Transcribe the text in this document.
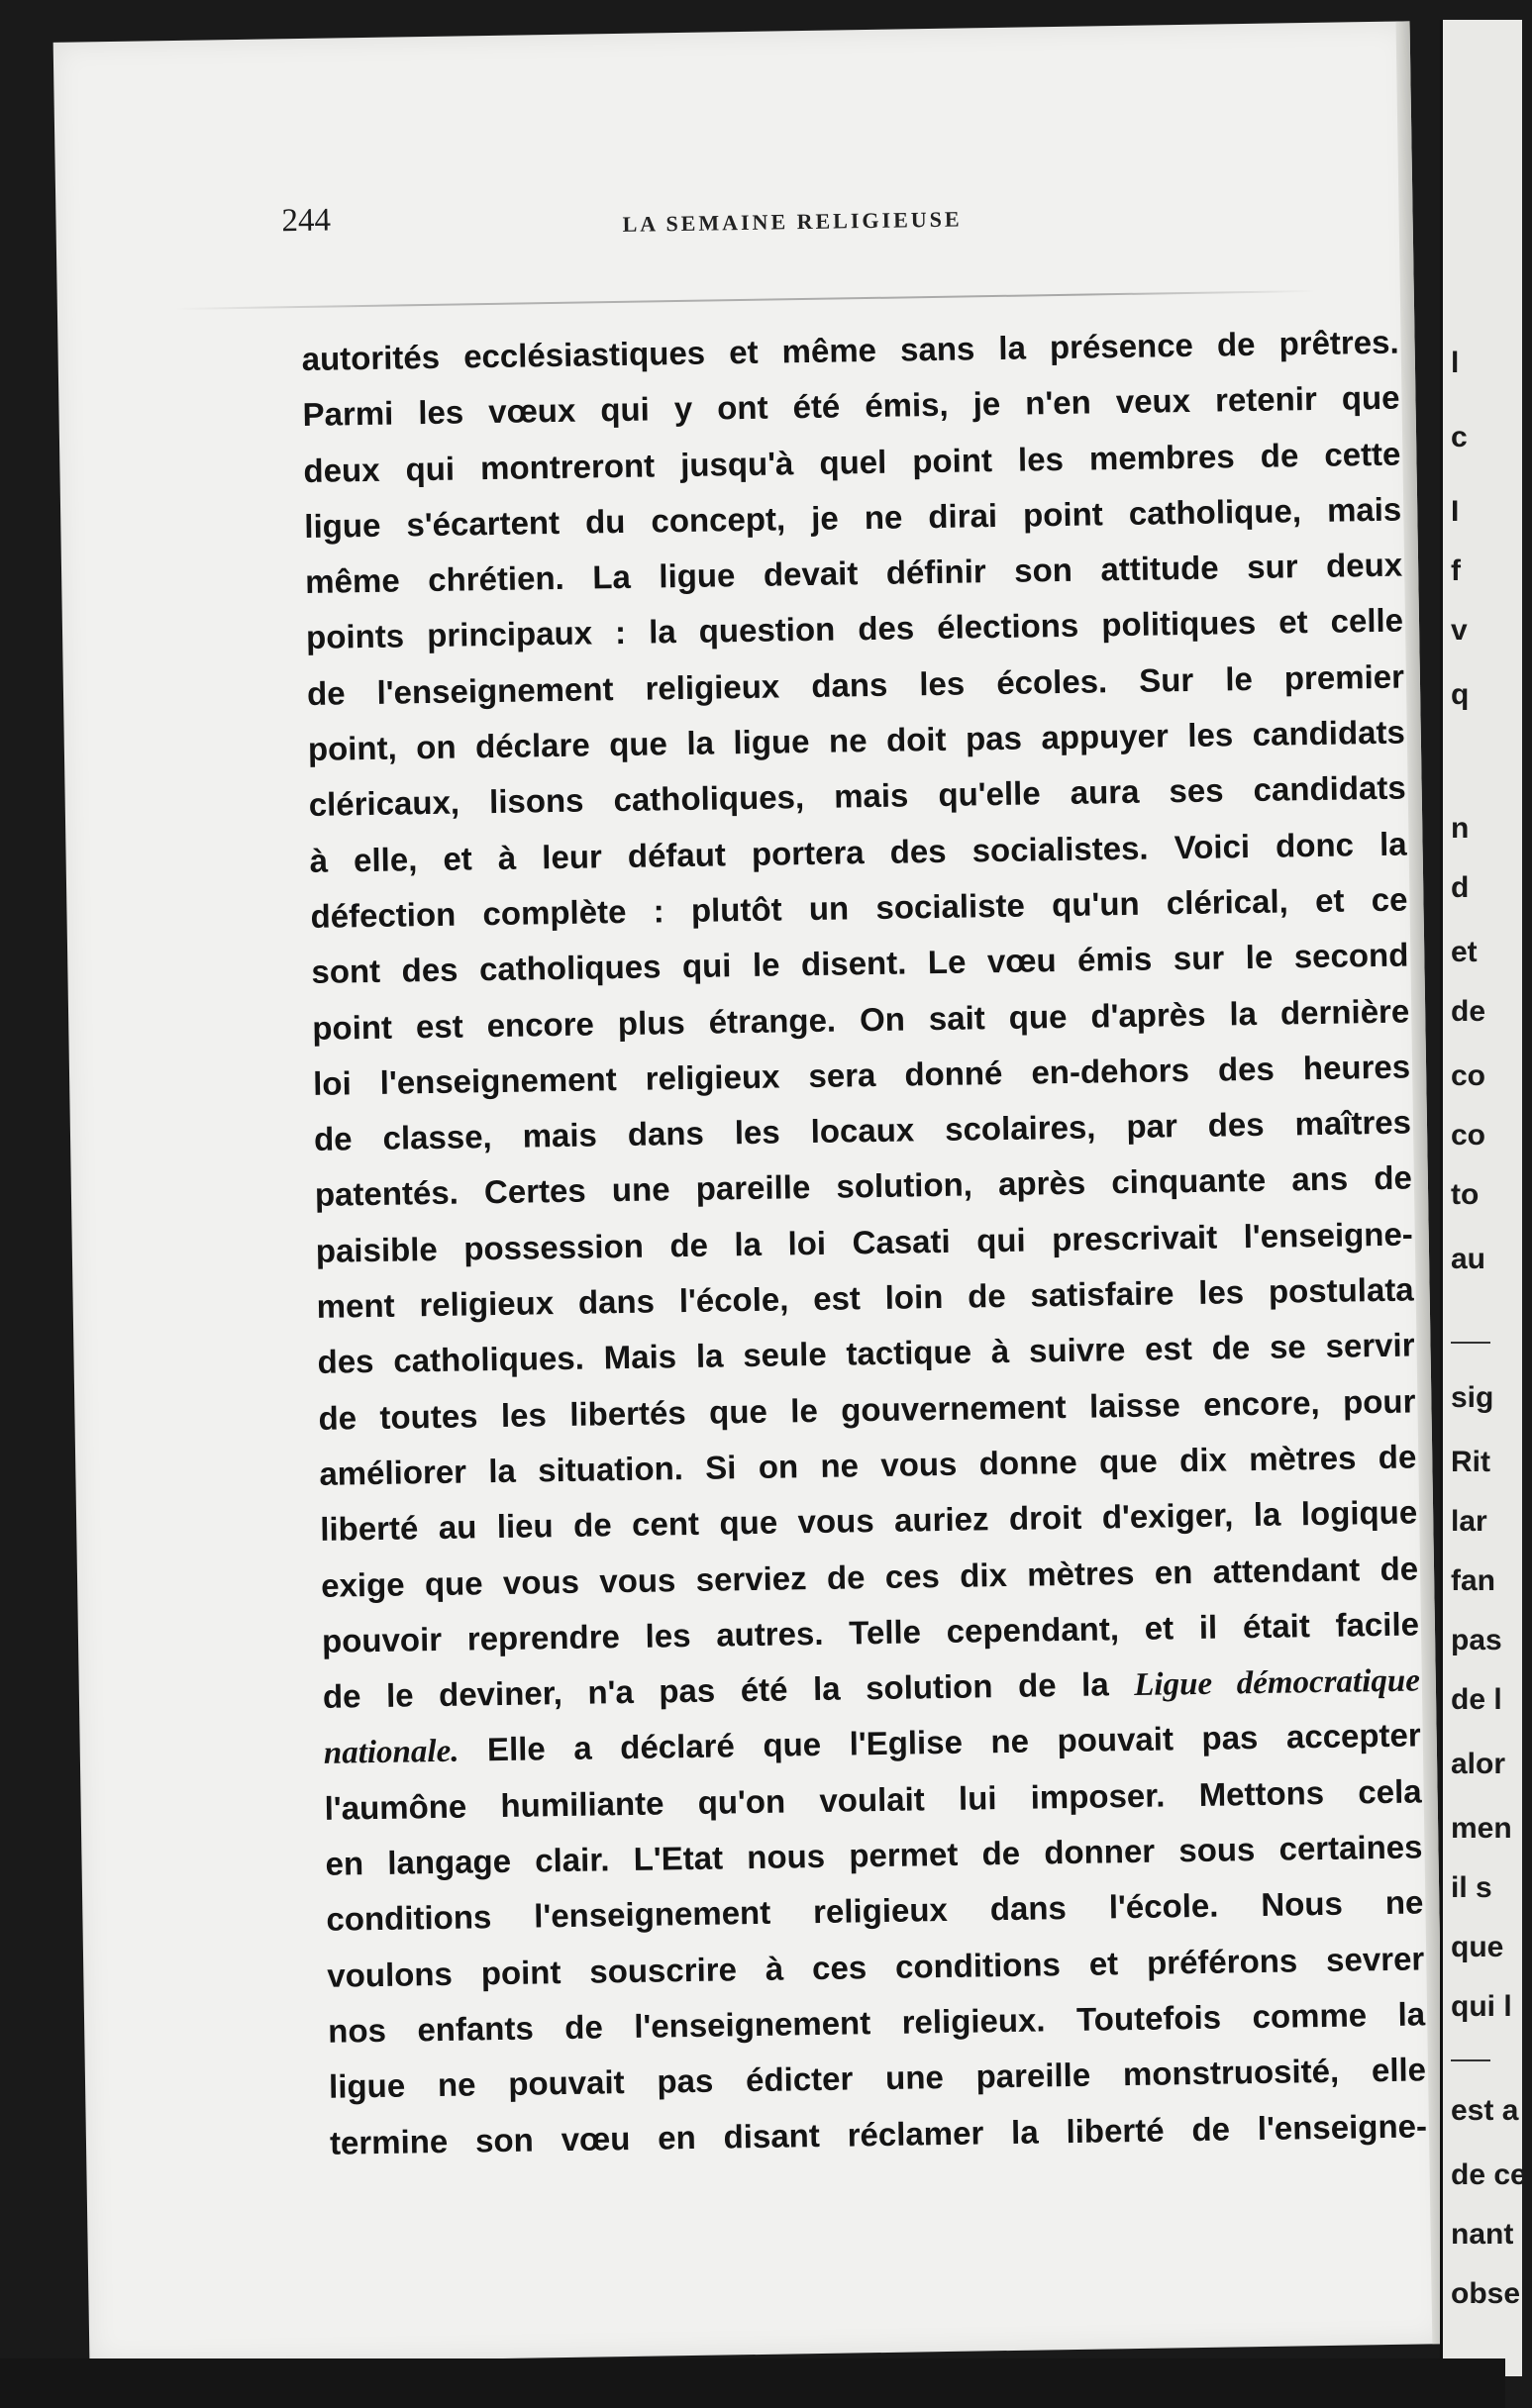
244	LA SEMAINE RELIGIEUSE
autorités ecclésiastiques et même sans la présence de prêtres.
Parmi les vœux qui y ont été émis, je n'en veux retenir que
deux qui montreront jusqu'à quel point les membres de cette
ligue s'écartent du concept, je ne dirai point catholique, mais
même chrétien. La ligue devait définir son attitude sur deux
points principaux : la question des élections politiques et celle
de l'enseignement religieux dans les écoles. Sur le premier
point, on déclare que la ligue ne doit pas appuyer les candidats
cléricaux, lisons catholiques, mais qu'elle aura ses candidats
à elle, et à leur défaut portera des socialistes. Voici donc la
défection complète : plutôt un socialiste qu'un clérical, et ce
sont des catholiques qui le disent. Le vœu émis sur le second
point est encore plus étrange. On sait que d'après la dernière
loi l'enseignement religieux sera donné en-dehors des heures
de classe, mais dans les locaux scolaires, par des maîtres
patentés. Certes une pareille solution, après cinquante ans de
paisible possession de la loi Casati qui prescrivait l'enseigne-
ment religieux dans l'école, est loin de satisfaire les postulata
des catholiques. Mais la seule tactique à suivre est de se servir
de toutes les libertés que le gouvernement laisse encore, pour
améliorer la situation. Si on ne vous donne que dix mètres de
liberté au lieu de cent que vous auriez droit d'exiger, la logique
exige que vous vous serviez de ces dix mètres en attendant de
pouvoir reprendre les autres. Telle cependant, et il était facile
de le deviner, n'a pas été la solution de la Ligue démocratique
nationale. Elle a déclaré que l'Eglise ne pouvait pas accepter
l'aumône humiliante qu'on voulait lui imposer. Mettons cela
en langage clair. L'Etat nous permet de donner sous certaines
conditions l'enseignement religieux dans l'école. Nous ne
voulons point souscrire à ces conditions et préférons sevrer
nos enfants de l'enseignement religieux. Toutefois comme la
ligue ne pouvait pas édicter une pareille monstruosité, elle
termine son vœu en disant réclamer la liberté de l'enseigne-
l
c
I
f
v
q
n
d
et
de
co
co
to
au
sig
Rit
lar
fan
pas
de l
alor
men
il s
que
qui l
est a
de ce
nant
obser
